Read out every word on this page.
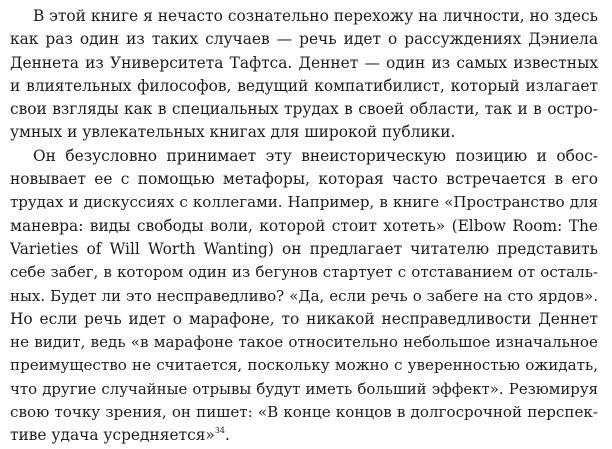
В этой книге я нечасто сознательно перехожу на личности, но здесь
как раз один из таких случаев — речь идет о рассуждениях Дэниела
Деннета из Университета Тафтса. Деннет — один из самых известных
и влиятельных философов, ведущий компатибилист, который излагает
свои взгляды как в специальных трудах в своей области, так и в остро-
умных и увлекательных книгах для широкой публики.
Он безусловно принимает эту внеисторическую позицию и обос-
новывает ее с помощью метафоры, которая часто встречается в его
трудах и дискуссиях с коллегами. Например, в книге «Пространство для
маневра: виды свободы воли, которой стоит хотеть» (Elbow Room: The
Varieties of Will Worth Wanting) он предлагает читателю представить
себе забег, в котором один из бегунов стартует с отставанием от осталь-
ных. Будет ли это несправедливо? «Да, если речь о забеге на сто ярдов».
Но если речь идет о марафоне, то никакой несправедливости Деннет
не видит, ведь «в марафоне такое относительно небольшое изначальное
преимущество не считается, поскольку можно с уверенностью ожидать,
что другие случайные отрывы будут иметь больший эффект». Резюмируя
свою точку зрения, он пишет: «В конце концов в долгосрочной перспек-
тиве удача усредняется»$^{34}$.
